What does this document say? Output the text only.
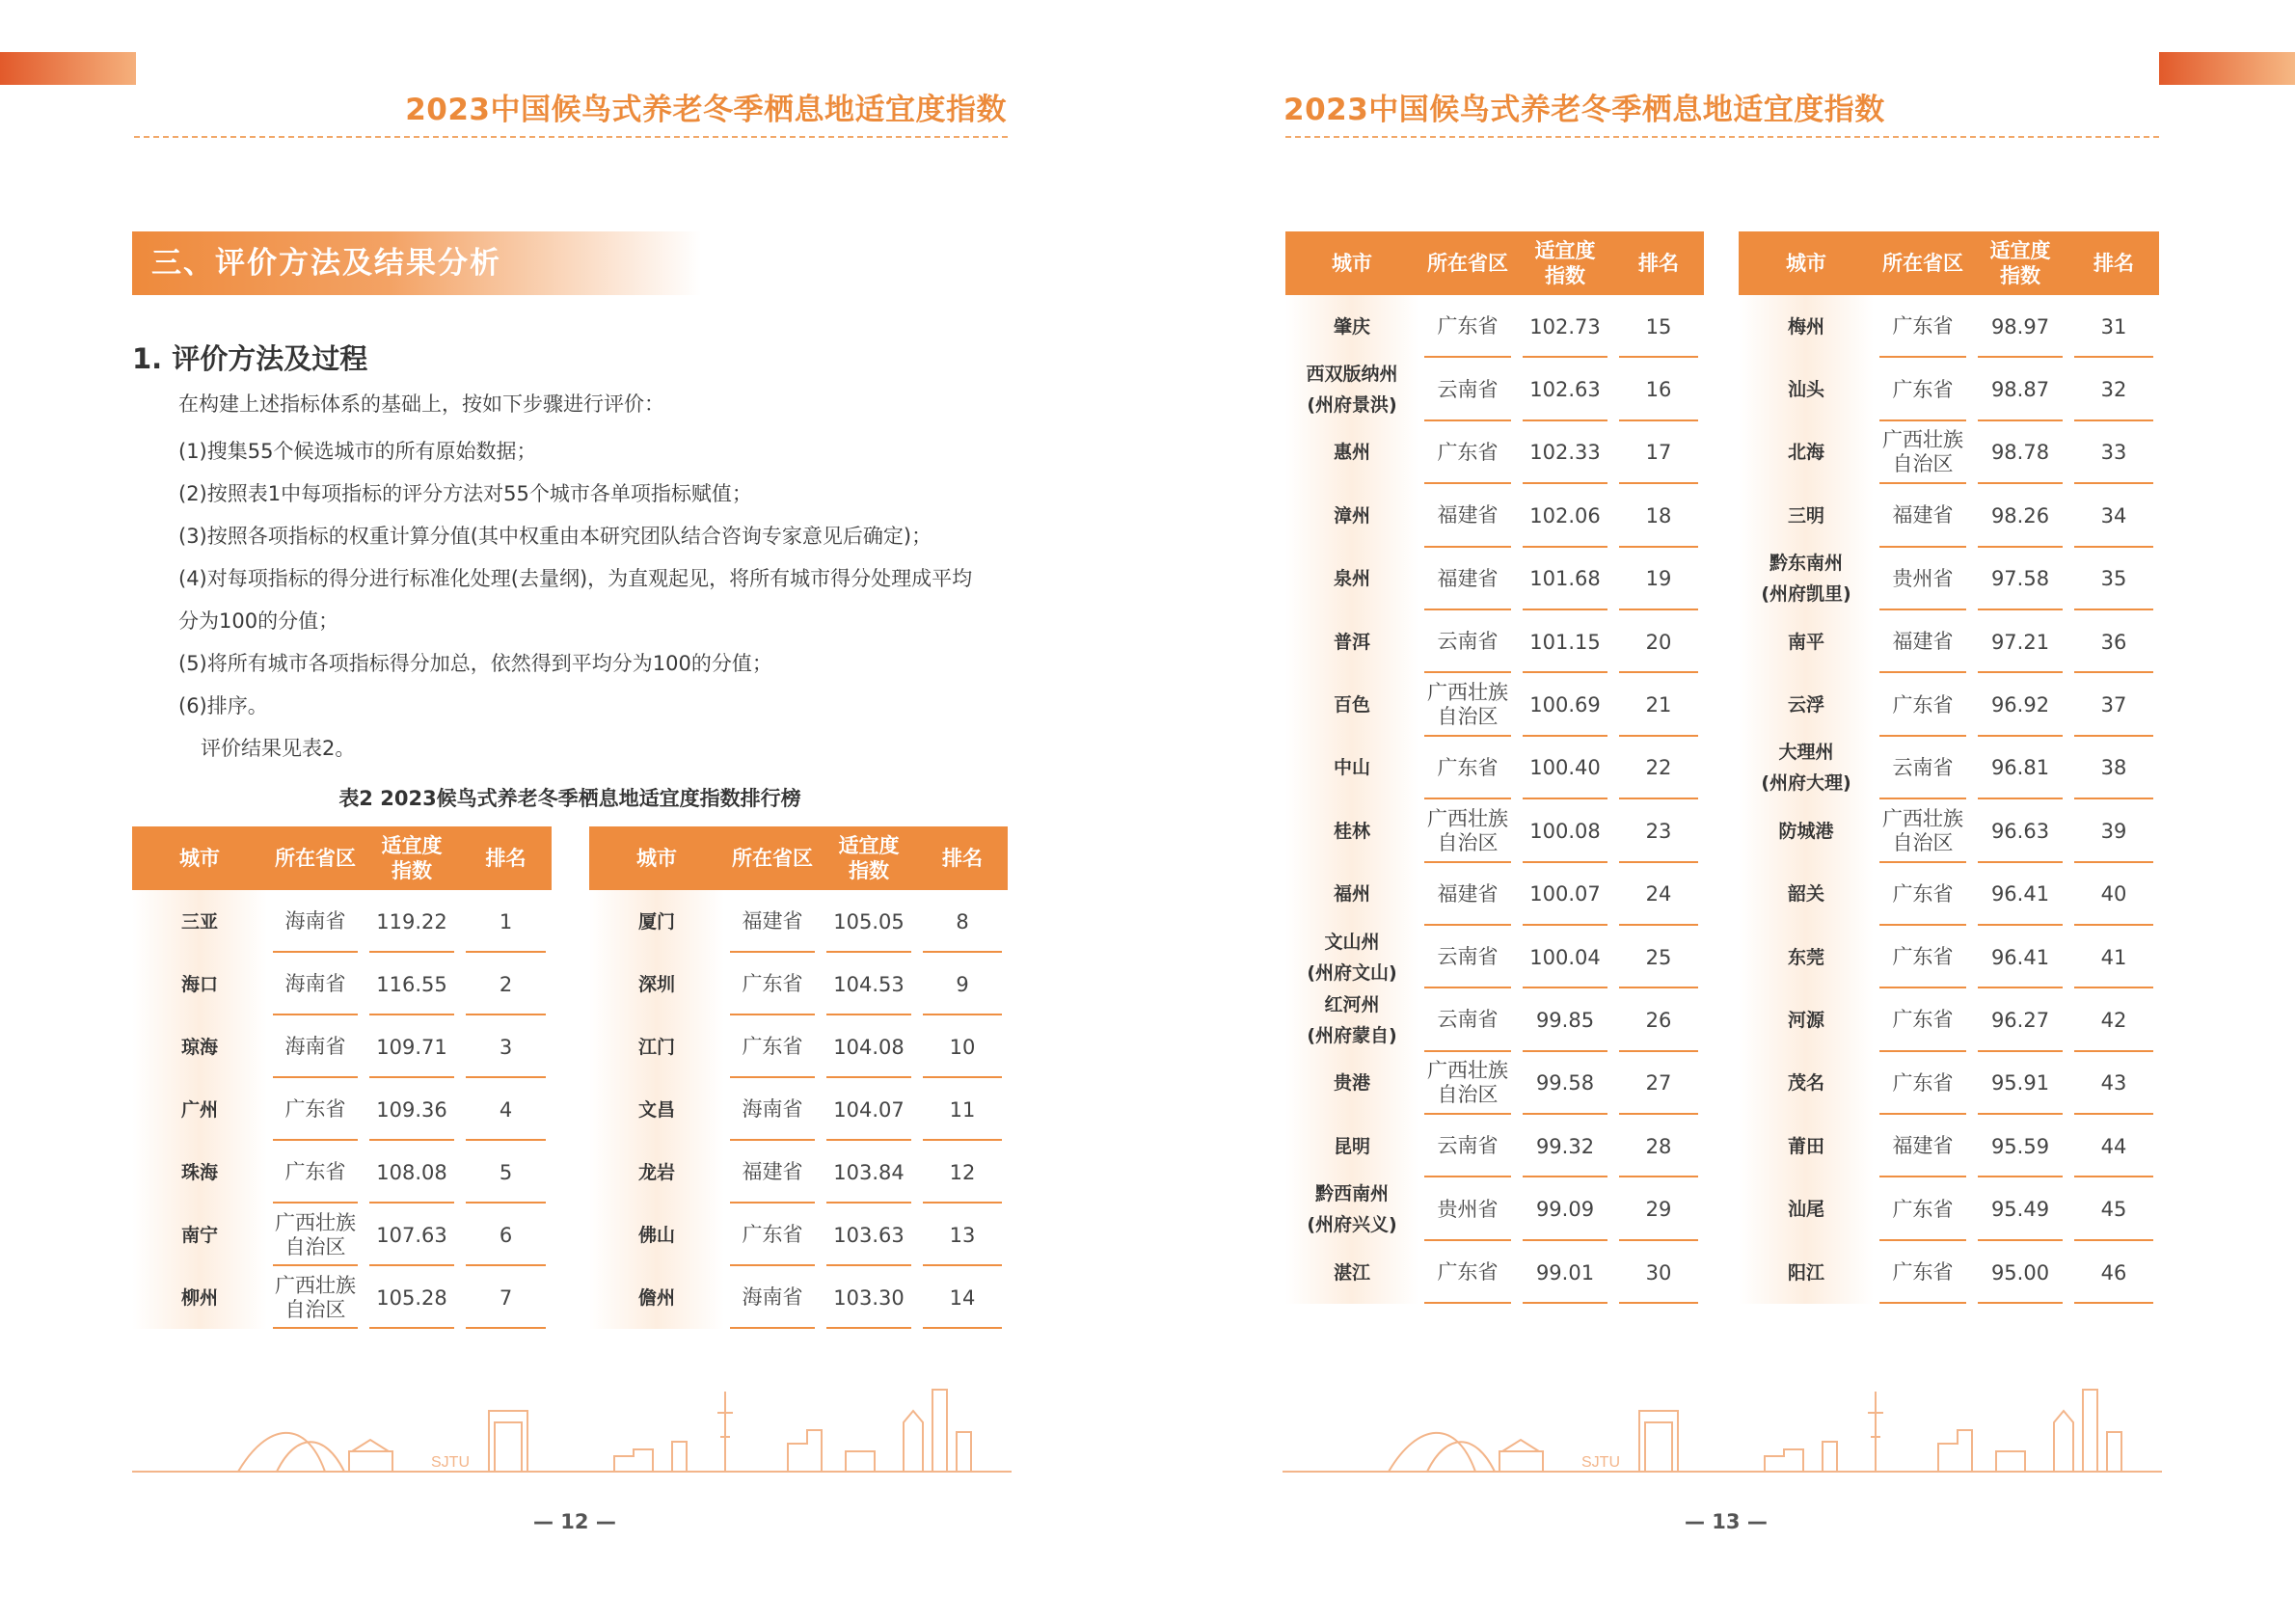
2023中国候鸟式养老冬季栖息地适宜度指数
三、评价方法及结果分析
1. 评价方法及过程
在构建上述指标体系的基础上，按如下步骤进行评价：
(1)搜集55个候选城市的所有原始数据；
(2)按照表1中每项指标的评分方法对55个城市各单项指标赋值；
(3)按照各项指标的权重计算分值(其中权重由本研究团队结合咨询专家意见后确定)；
(4)对每项指标的得分进行标准化处理(去量纲)，为直观起见，将所有城市得分处理成平均
分为100的分值；
(5)将所有城市各项指标得分加总，依然得到平均分为100的分值；
(6)排序。
评价结果见表2。
表2 2023候鸟式养老冬季栖息地适宜度指数排行榜
城市	所在省区	适宜度
指数	排名
三亚	海南省	119.22	1
海口	海南省	116.55	2
琼海	海南省	109.71	3
广州	广东省	109.36	4
珠海	广东省	108.08	5
南宁	广西壮族
自治区	107.63	6
柳州	广西壮族
自治区	105.28	7
城市	所在省区	适宜度
指数	排名
厦门	福建省	105.05	8
深圳	广东省	104.53	9
江门	广东省	104.08	10
文昌	海南省	104.07	11
龙岩	福建省	103.84	12
佛山	广东省	103.63	13
儋州	海南省	103.30	14
SJTU
— 12 —
2023中国候鸟式养老冬季栖息地适宜度指数
城市	所在省区	适宜度
指数	排名
肇庆	广东省	102.73	15
西双版纳州
(州府景洪)	云南省	102.63	16
惠州	广东省	102.33	17
漳州	福建省	102.06	18
泉州	福建省	101.68	19
普洱	云南省	101.15	20
百色	广西壮族
自治区	100.69	21
中山	广东省	100.40	22
桂林	广西壮族
自治区	100.08	23
福州	福建省	100.07	24
文山州
(州府文山)	云南省	100.04	25
红河州
(州府蒙自)	云南省	99.85	26
贵港	广西壮族
自治区	99.58	27
昆明	云南省	99.32	28
黔西南州
(州府兴义)	贵州省	99.09	29
湛江	广东省	99.01	30
城市	所在省区	适宜度
指数	排名
梅州	广东省	98.97	31
汕头	广东省	98.87	32
北海	广西壮族
自治区	98.78	33
三明	福建省	98.26	34
黔东南州
(州府凯里)	贵州省	97.58	35
南平	福建省	97.21	36
云浮	广东省	96.92	37
大理州
(州府大理)	云南省	96.81	38
防城港	广西壮族
自治区	96.63	39
韶关	广东省	96.41	40
东莞	广东省	96.41	41
河源	广东省	96.27	42
茂名	广东省	95.91	43
莆田	福建省	95.59	44
汕尾	广东省	95.49	45
阳江	广东省	95.00	46
SJTU
— 13 —
